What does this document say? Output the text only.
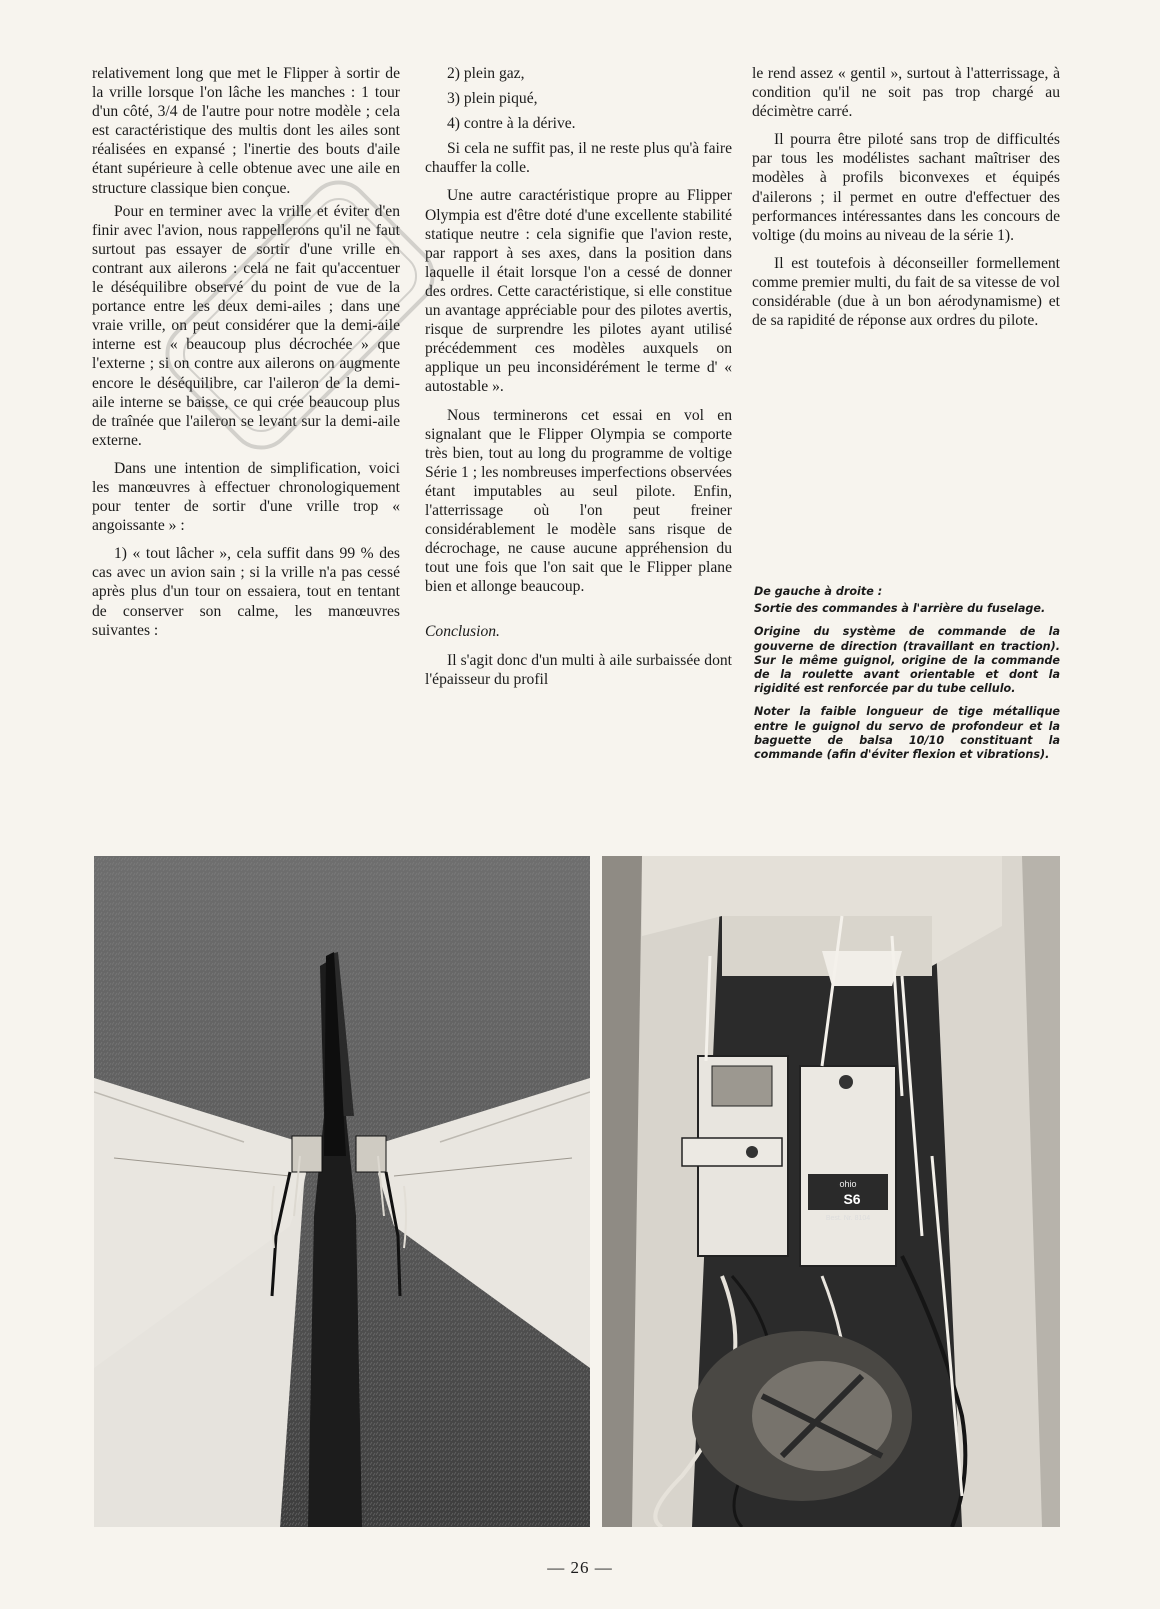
relativement long que met le Flipper à sortir de la vrille lorsque l'on lâche les manches : 1 tour d'un côté, 3/4 de l'autre pour notre modèle ; cela est caractéristique des multis dont les ailes sont réalisées en expansé ; l'inertie des bouts d'aile étant supérieure à celle obtenue avec une aile en structure classique bien conçue.

Pour en terminer avec la vrille et éviter d'en finir avec l'avion, nous rappellerons qu'il ne faut surtout pas essayer de sortir d'une vrille en contrant aux ailerons : cela ne fait qu'accentuer le déséquilibre observé du point de vue de la portance entre les deux demi-ailes ; dans une vraie vrille, on peut considérer que la demi-aile interne est « beaucoup plus décrochée » que l'externe ; si on contre aux ailerons on augmente encore le déséquilibre, car l'aileron de la demi-aile interne se baisse, ce qui crée beaucoup plus de traînée que l'aileron se levant sur la demi-aile externe.

Dans une intention de simplification, voici les manœuvres à effectuer chronologiquement pour tenter de sortir d'une vrille trop « angoissante » :

1) « tout lâcher », cela suffit dans 99 % des cas avec un avion sain ; si la vrille n'a pas cessé après plus d'un tour on essaiera, tout en tentant de conserver son calme, les manœuvres suivantes :

2) plein gaz,

3) plein piqué,

4) contre à la dérive.

Si cela ne suffit pas, il ne reste plus qu'à faire chauffer la colle.

Une autre caractéristique propre au Flipper Olympia est d'être doté d'une excellente stabilité statique neutre : cela signifie que l'avion reste, par rapport à ses axes, dans la position dans laquelle il était lorsque l'on a cessé de donner des ordres. Cette caractéristique, si elle constitue un avantage appréciable pour des pilotes avertis, risque de surprendre les pilotes ayant utilisé précédemment ces modèles auxquels on applique un peu inconsidérément le terme d' « autostable ».

Nous terminerons cet essai en vol en signalant que le Flipper Olympia se comporte très bien, tout au long du programme de voltige Série 1 ; les nombreuses imperfections observées étant imputables au seul pilote. Enfin, l'atterrissage où l'on peut freiner considérablement le modèle sans risque de décrochage, ne cause aucune appréhension du tout une fois que l'on sait que le Flipper plane bien et allonge beaucoup.

Conclusion.

Il s'agit donc d'un multi à aile surbaissée dont l'épaisseur du profil

le rend assez « gentil », surtout à l'atterrissage, à condition qu'il ne soit pas trop chargé au décimètre carré.

Il pourra être piloté sans trop de difficultés par tous les modélistes sachant maîtriser des modèles à profils biconvexes et équipés d'ailerons ; il permet en outre d'effectuer des performances intéressantes dans les concours de voltige (du moins au niveau de la série 1).

Il est toutefois à déconseiller formellement comme premier multi, du fait de sa vitesse de vol considérable (due à un bon aérodynamisme) et de sa rapidité de réponse aux ordres du pilote.

De gauche à droite :

Sortie des commandes à l'arrière du fuselage.

Origine du système de commande de la gouverne de direction (travaillant en traction). Sur le même guignol, origine de la commande de la roulette avant orientable et dont la rigidité est renforcée par du tube cellulo.

Noter la faible longueur de tige métallique entre le guignol du servo de profondeur et la baguette de balsa 10/10 constituant la commande (afin d'éviter flexion et vibrations).

ohio
S6
Best. Nr. 8104
— 26 —
